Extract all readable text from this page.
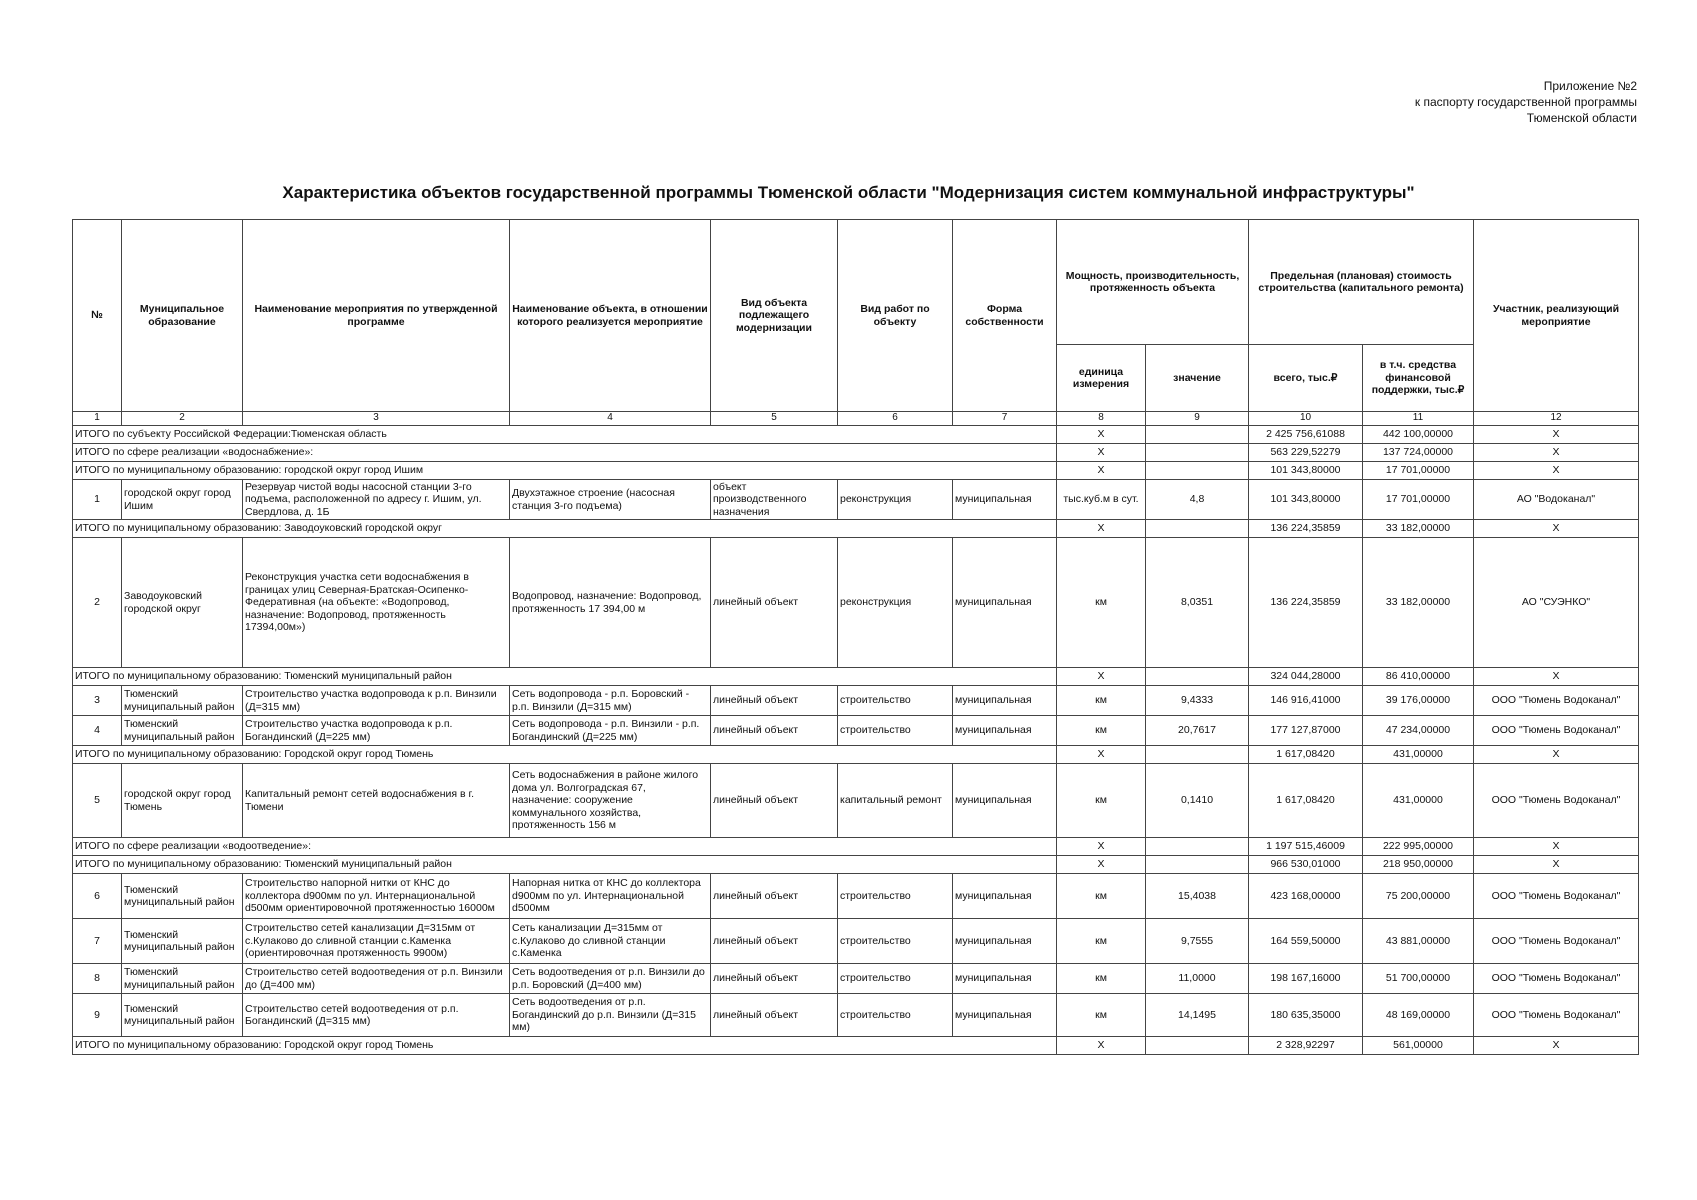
Приложение №2
к паспорту государственной программы
Тюменской области
Характеристика объектов государственной программы Тюменской области "Модернизация систем коммунальной инфраструктуры"
№	Муниципальное образование	Наименование мероприятия по утвержденной программе	Наименование объекта, в отношении которого реализуется мероприятие	Вид объекта подлежащего модернизации	Вид работ по объекту	Форма собственности	Мощность, производительность, протяженность объекта		Предельная (плановая) стоимость строительства (капитального ремонта)		Участник, реализующий мероприятие
							единица измерения	значение	всего, тыс.₽	в т.ч. средства финансовой поддержки, тыс.₽	
1	2	3	4	5	6	7	8	9	10	11	12
ИТОГО по субъекту Российской Федерации:Тюменская область							Х		2 425 756,61088	442 100,00000	Х
ИТОГО по сфере реализации «водоснабжение»:							Х		563 229,52279	137 724,00000	Х
ИТОГО по муниципальному образованию: городской округ город Ишим							Х		101 343,80000	17 701,00000	Х
1	городской округ город Ишим	Резервуар чистой воды насосной станции 3-го подъема, расположенной по адресу г. Ишим, ул. Свердлова, д. 1Б	Двухэтажное строение (насосная станция 3-го подъема)	объект производственного назначения	реконструкция	муниципальная	тыс.куб.м в сут.	4,8	101 343,80000	17 701,00000	АО "Водоканал"
ИТОГО по муниципальному образованию: Заводоуковский городской округ							Х		136 224,35859	33 182,00000	Х
2	Заводоуковский городской округ	Реконструкция участка сети водоснабжения в границах улиц Северная-Братская-Осипенко-Федеративная (на объекте: «Водопровод, назначение: Водопровод, протяженность 17394,00м»)	Водопровод, назначение: Водопровод, протяженность 17 394,00 м	линейный объект	реконструкция	муниципальная	км	8,0351	136 224,35859	33 182,00000	АО "СУЭНКО"
ИТОГО по муниципальному образованию: Тюменский муниципальный район							Х		324 044,28000	86 410,00000	Х
3	Тюменский муниципальный район	Строительство участка водопровода к р.п. Винзили (Д=315 мм)	Сеть водопровода - р.п. Боровский - р.п. Винзили (Д=315 мм)	линейный объект	строительство	муниципальная	км	9,4333	146 916,41000	39 176,00000	ООО "Тюмень Водоканал"
4	Тюменский муниципальный район	Строительство участка водопровода к р.п. Богандинский (Д=225 мм)	Сеть водопровода - р.п. Винзили - р.п. Богандинский (Д=225 мм)	линейный объект	строительство	муниципальная	км	20,7617	177 127,87000	47 234,00000	ООО "Тюмень Водоканал"
ИТОГО по муниципальному образованию: Городской округ город Тюмень							Х		1 617,08420	431,00000	Х
5	городской округ город Тюмень	Капитальный ремонт сетей водоснабжения в г. Тюмени	Сеть водоснабжения в районе жилого дома ул. Волгоградская 67, назначение: сооружение коммунального хозяйства, протяженность 156 м	линейный объект	капитальный ремонт	муниципальная	км	0,1410	1 617,08420	431,00000	ООО "Тюмень Водоканал"
ИТОГО по сфере реализации «водоотведение»:							Х		1 197 515,46009	222 995,00000	Х
ИТОГО по муниципальному образованию: Тюменский муниципальный район							Х		966 530,01000	218 950,00000	Х
6	Тюменский муниципальный район	Строительство напорной нитки от КНС до коллектора d900мм по ул. Интернациональной d500мм ориентировочной протяженностью 16000м	Напорная нитка от КНС до коллектора d900мм по ул. Интернациональной d500мм	линейный объект	строительство	муниципальная	км	15,4038	423 168,00000	75 200,00000	ООО "Тюмень Водоканал"
7	Тюменский муниципальный район	Строительство сетей канализации Д=315мм от с.Кулаково до сливной станции с.Каменка (ориентировочная протяженность 9900м)	Сеть канализации Д=315мм от с.Кулаково до сливной станции с.Каменка	линейный объект	строительство	муниципальная	км	9,7555	164 559,50000	43 881,00000	ООО "Тюмень Водоканал"
8	Тюменский муниципальный район	Строительство сетей водоотведения от р.п. Винзили до (Д=400 мм)	Сеть водоотведения от р.п. Винзили до р.п. Боровский (Д=400 мм)	линейный объект	строительство	муниципальная	км	11,0000	198 167,16000	51 700,00000	ООО "Тюмень Водоканал"
9	Тюменский муниципальный район	Строительство сетей водоотведения от р.п. Богандинский (Д=315 мм)	Сеть водоотведения от р.п. Богандинский до р.п. Винзили (Д=315 мм)	линейный объект	строительство	муниципальная	км	14,1495	180 635,35000	48 169,00000	ООО "Тюмень Водоканал"
ИТОГО по муниципальному образованию: Городской округ город Тюмень							Х		2 328,92297	561,00000	Х
